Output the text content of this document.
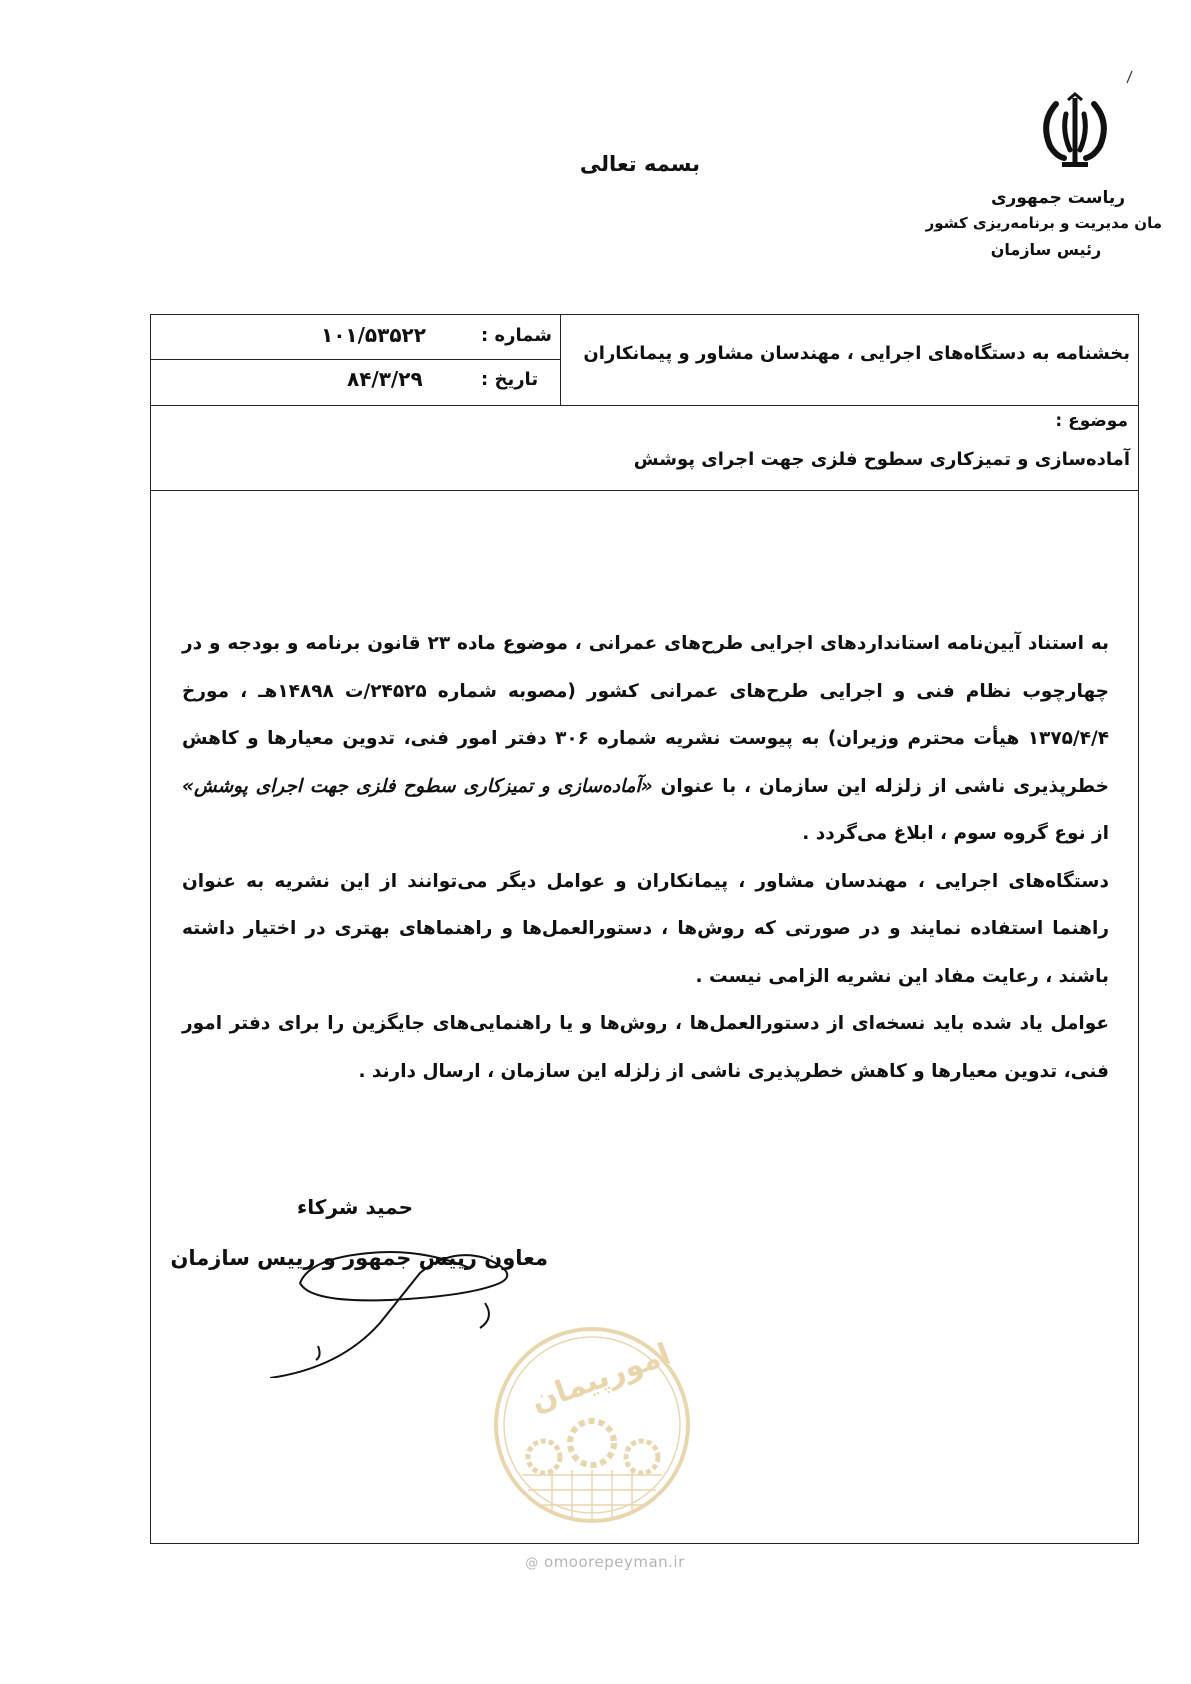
بسمه تعالی
ریاست جمهوری
مان مدیریت و برنامه‌ریزی کشور
رئیس سازمان
شماره :
۱۰۱/۵۳۵۲۲
تاریخ :
۸۴/۳/۲۹
بخشنامه به دستگاه‌های اجرایی ، مهندسان مشاور و پیمانکاران
موضوع :
آماده‌سازی و تمیزکاری سطوح فلزی جهت اجرای پوشش

به استناد آیین‌نامه استانداردهای اجرایی طرح‌های عمرانی ، موضوع ماده ۲۳ قانون برنامه و بودجه و در چهارچوب نظام فنی و اجرایی طرح‌های عمرانی کشور (مصوبه شماره ۲۴۵۲۵/ت ۱۴۸۹۸هـ ، مورخ ۱۳۷۵/۴/۴ هیأت محترم وزیران) به پیوست نشریه شماره ۳۰۶ دفتر امور فنی، تدوین معیارها و کاهش خطرپذیری ناشی از زلزله این سازمان ، با عنوان «آماده‌سازی و تمیزکاری سطوح فلزی جهت اجرای پوشش» از نوع گروه سوم ، ابلاغ می‌گردد .

دستگاه‌های اجرایی ، مهندسان مشاور ، پیمانکاران و عوامل دیگر می‌توانند از این نشریه به عنوان راهنما استفاده نمایند و در صورتی که روش‌ها ، دستورالعمل‌ها و راهنماهای بهتری در اختیار داشته باشند ، رعایت مفاد این نشریه الزامی نیست .

عوامل یاد شده باید نسخه‌ای از دستورالعمل‌ها ، روش‌ها و یا راهنمایی‌های جایگزین را برای دفتر امور فنی، تدوین معیارها و کاهش خطرپذیری ناشی از زلزله این سازمان ، ارسال دارند .

حمید شرکاء
معاون رییس جمهور و رییس سازمان
امورپیمان
@ omoorepeyman.ir
